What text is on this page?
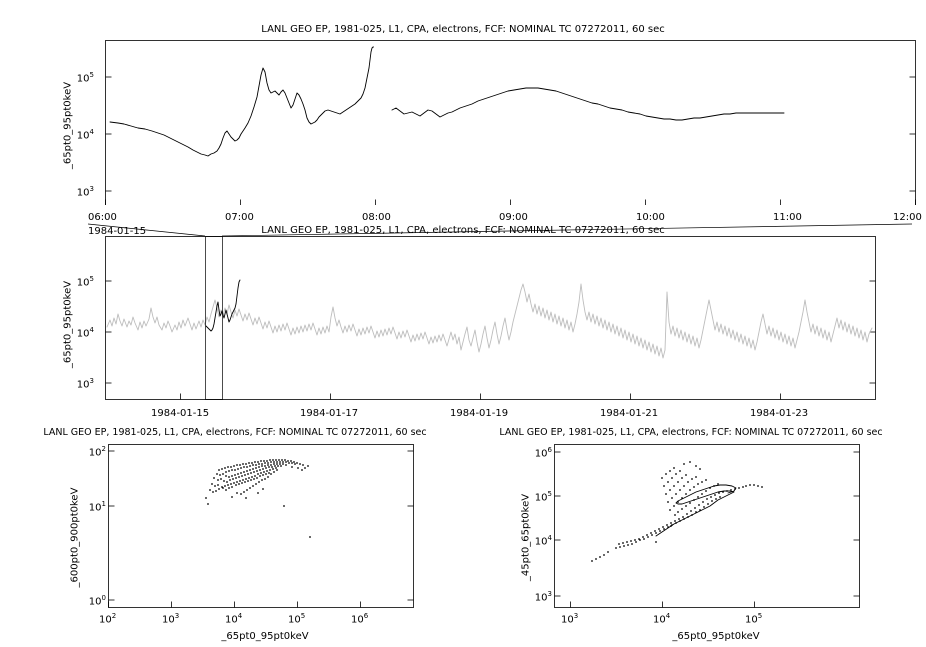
LANL GEO EP, 1981-025, L1, CPA, electrons, FCF: NOMINAL TC 07272011, 60 sec
_65pt0_95pt0keV
$10^5$
$10^4$
$10^3$
06:00	07:00	08:00	09:00	10:00	11:00	12:00
1984-01-15	LANL GEO EP, 1981-025, L1, CPA, electrons, FCF: NOMINAL TC 07272011, 60 sec
_65pt0_95pt0keV $10^5$
$10^4$
$10^3$
1984-01-15	1984-01-17	1984-01-19	1984-01-21	1984-01-23
LANL GEO EP, 1981-025, L1, CPA, electrons, FCF: NOMINAL TC 07272011, 60 sec
_600pt0_900pt0keV
_65pt0_95pt0keV
$10^2$
$10^1$
$10^0$
$10^2$	$10^3$	$10^4$	$10^5$	$10^6$
LANL GEO EP, 1981-025, L1, CPA, electrons, FCF: NOMINAL TC 07272011, 60 sec
_45pt0_65pt0keV
_65pt0_95pt0keV
$10^6$
$10^5$
$10^4$
$10^3$
$10^3$	$10^4$	$10^5$
